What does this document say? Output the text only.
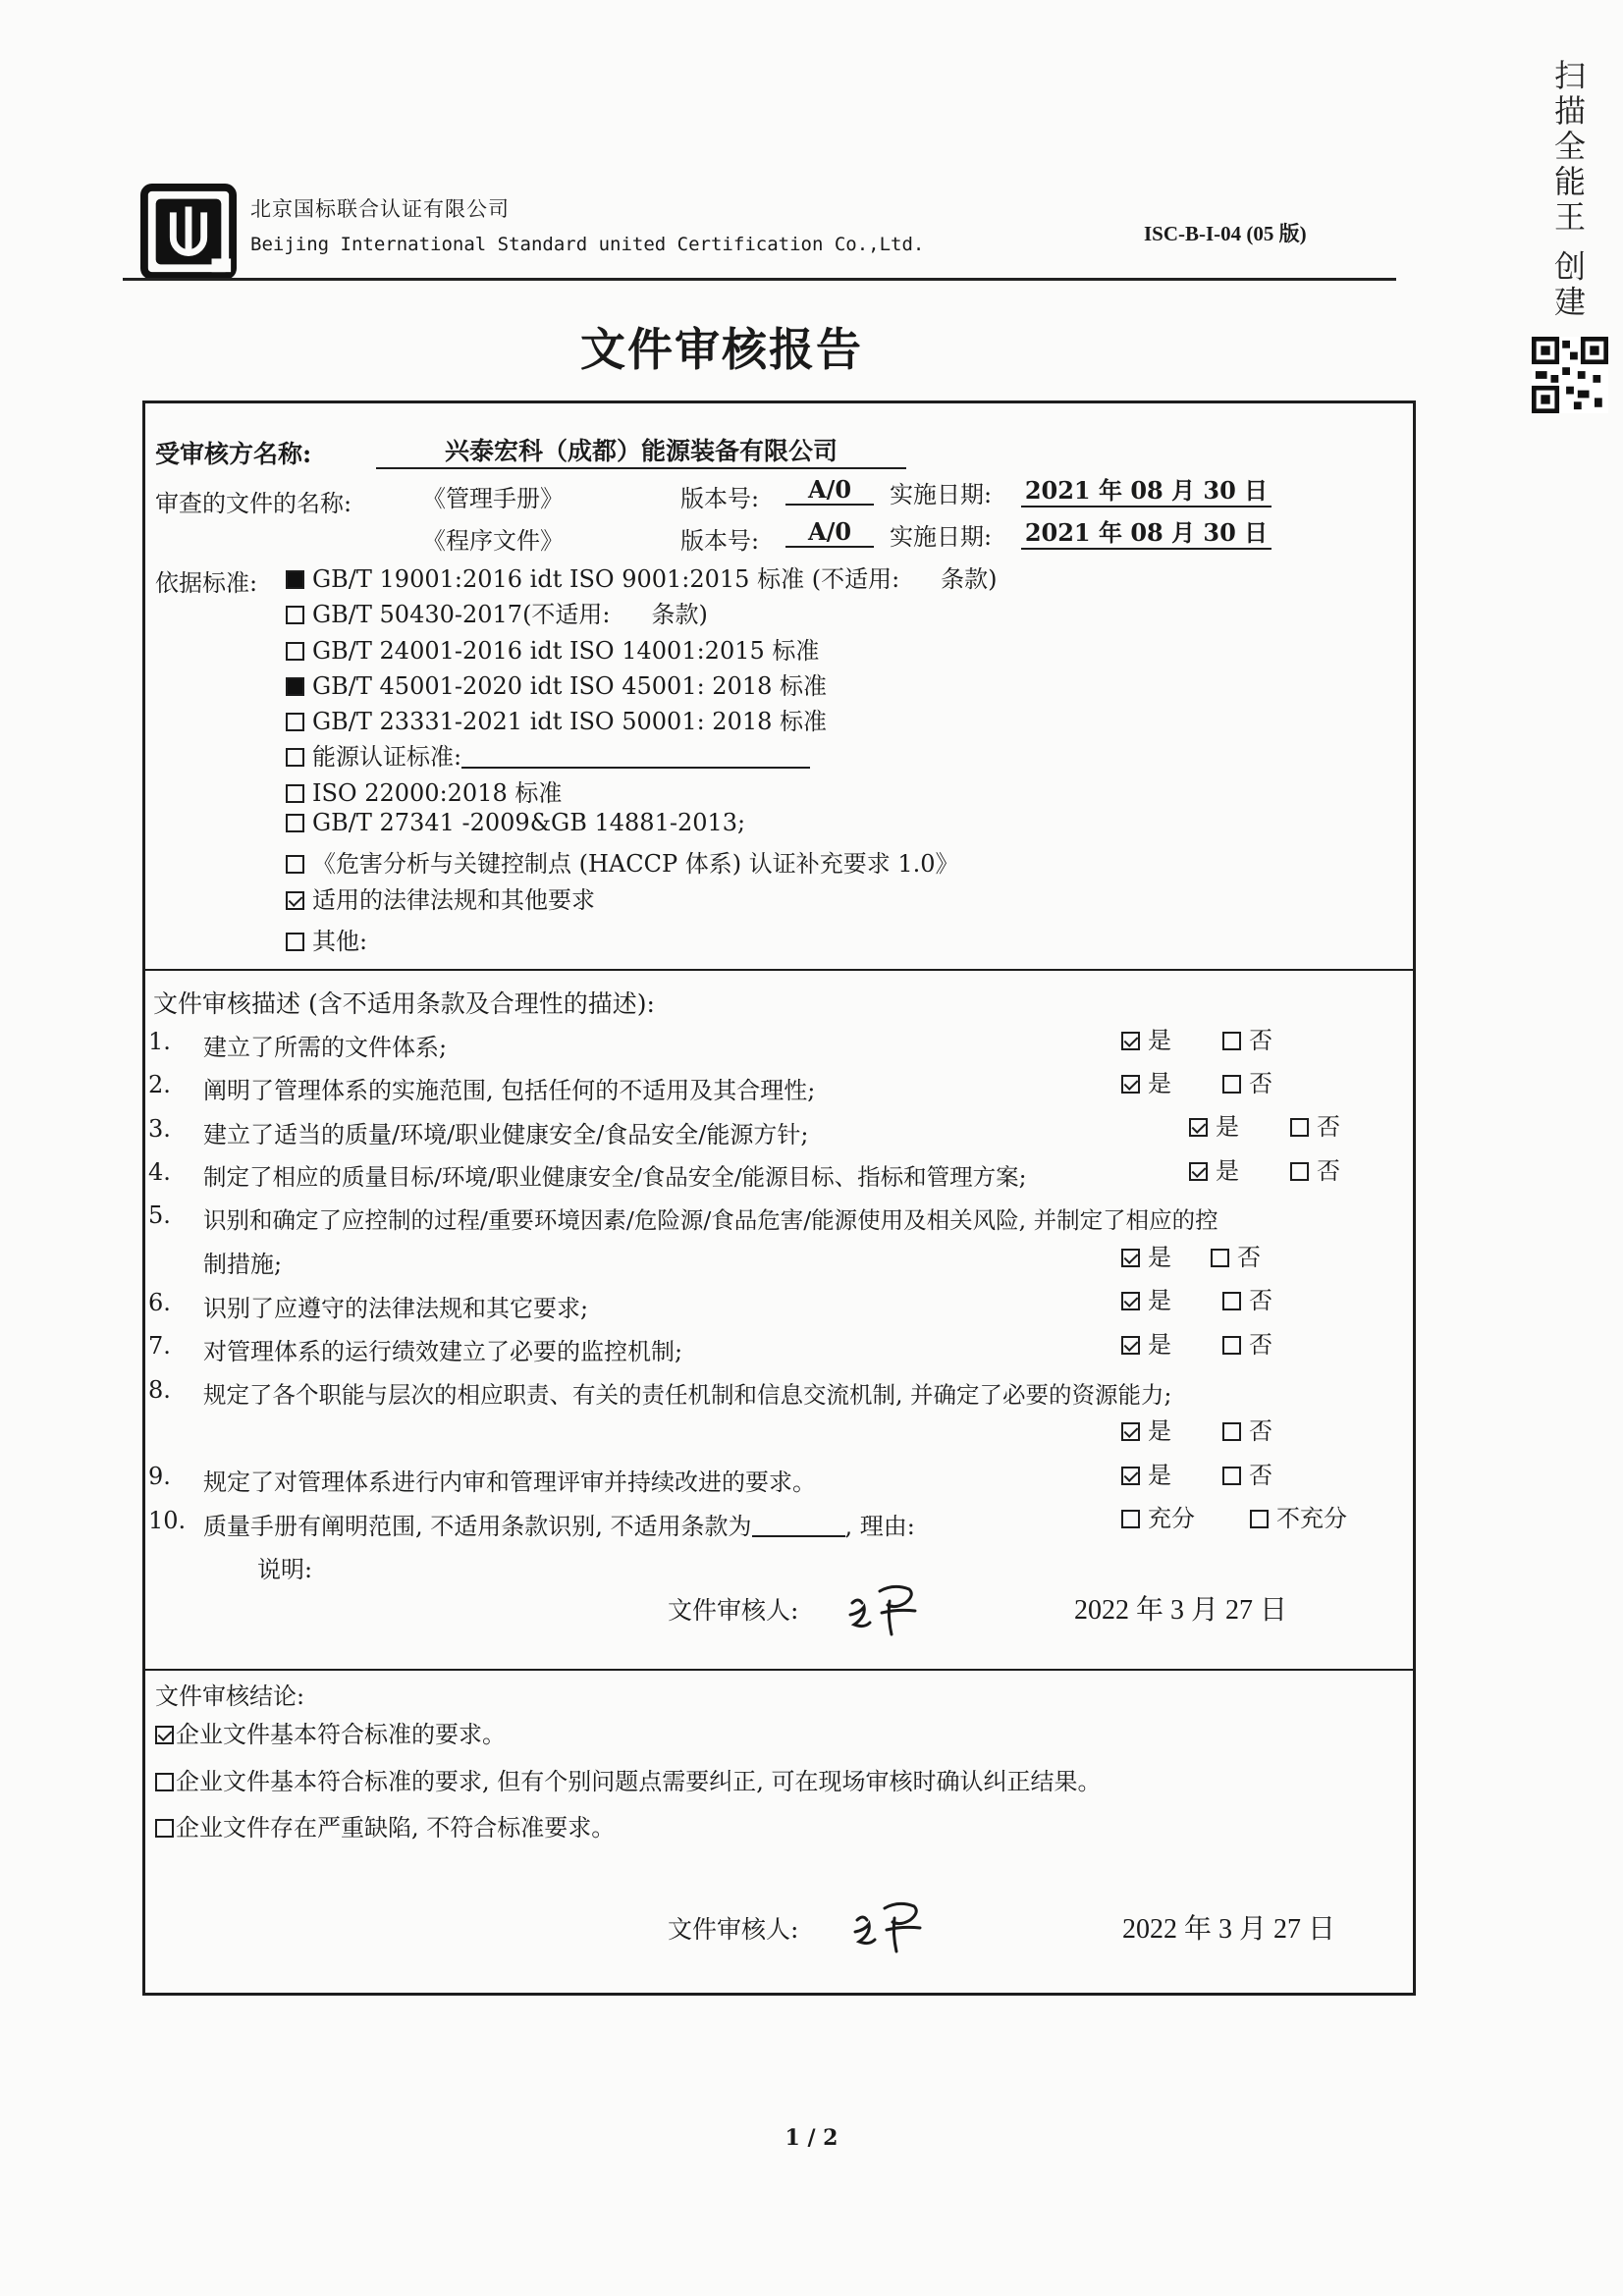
扫描全能王 创建
北京国标联合认证有限公司
Beijing International Standard united Certification Co.,Ltd.	ISC-B-I-04 (05 版)
文件审核报告
受审核方名称:	兴泰宏科（成都）能源装备有限公司
审查的文件的名称:	《管理手册》	版本号:	A/0	实施日期: 2021 年 08 月 30 日
《程序文件》	版本号:	A/0	实施日期: 2021 年 08 月 30 日
依据标准:	GB/T 19001:2016 idt ISO 9001:2015 标准 (不适用: 条款)
GB/T 50430-2017(不适用: 条款)
GB/T 24001-2016 idt ISO 14001:2015 标准
GB/T 45001-2020 idt ISO 45001: 2018 标准
GB/T 23331-2021 idt ISO 50001: 2018 标准
能源认证标准:
ISO 22000:2018 标准
GB/T 27341 -2009&GB 14881-2013;
《危害分析与关键控制点 (HACCP 体系) 认证补充要求 1.0》
适用的法律法规和其他要求
其他:
文件审核描述 (含不适用条款及合理性的描述):
1. 建立了所需的文件体系;	是	否
2. 阐明了管理体系的实施范围, 包括任何的不适用及其合理性;	是	否
3. 建立了适当的质量/环境/职业健康安全/食品安全/能源方针;	是	否
4. 制定了相应的质量目标/环境/职业健康安全/食品安全/能源目标、指标和管理方案;	是	否
5. 识别和确定了应控制的过程/重要环境因素/危险源/食品危害/能源使用及相关风险, 并制定了相应的控
制措施;	是	否
6. 识别了应遵守的法律法规和其它要求;	是	否
7. 对管理体系的运行绩效建立了必要的监控机制;	是	否
8. 规定了各个职能与层次的相应职责、有关的责任机制和信息交流机制, 并确定了必要的资源能力;
是	否
9. 规定了对管理体系进行内审和管理评审并持续改进的要求。	是	否
10. 质量手册有阐明范围, 不适用条款识别, 不适用条款为	, 理由:	充分	不充分
说明:
文件审核人:	2022 年 3 月 27 日
文件审核结论:
企业文件基本符合标准的要求。
企业文件基本符合标准的要求, 但有个别问题点需要纠正, 可在现场审核时确认纠正结果。
企业文件存在严重缺陷, 不符合标准要求。
文件审核人:	2022 年 3 月 27 日
1 / 2
